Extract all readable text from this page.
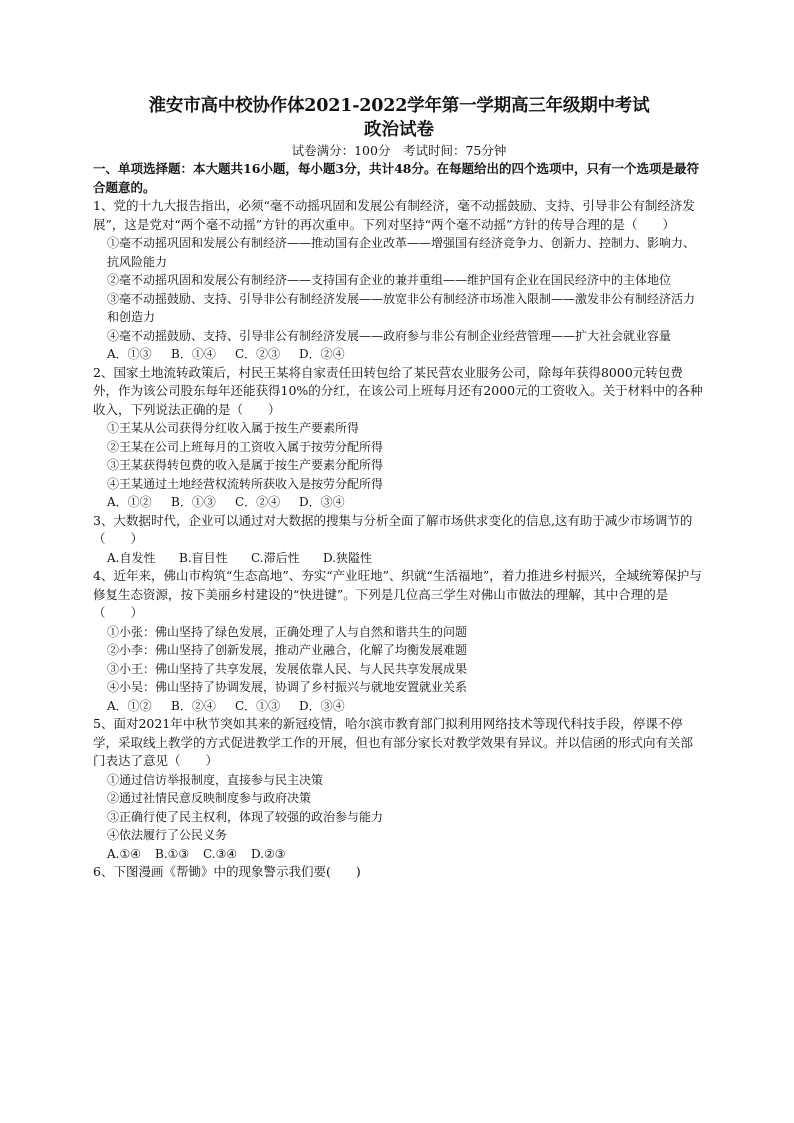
淮安市高中校协作体2021-2022学年第一学期高三年级期中考试
政治试卷
试卷满分：100分　考试时间：75分钟
一、单项选择题：本大题共16小题，每小题3分，共计48分。在每题给出的四个选项中，只有一个选项是最符合题意的。
1、党的十九大报告指出，必须“毫不动摇巩固和发展公有制经济，毫不动摇鼓励、支持、引导非公有制经济发展”，这是党对“两个毫不动摇”方针的再次重申。下列对坚持“两个毫不动摇”方针的传导合理的是（　　）
①毫不动摇巩固和发展公有制经济——推动国有企业改革——增强国有经济竞争力、创新力、控制力、影响力、抗风险能力
②毫不动摇巩固和发展公有制经济——支持国有企业的兼并重组——维护国有企业在国民经济中的主体地位
③毫不动摇鼓励、支持、引导非公有制经济发展——放宽非公有制经济市场准入限制——激发非公有制经济活力和创造力
④毫不动摇鼓励、支持、引导非公有制经济发展——政府参与非公有制企业经营管理——扩大社会就业容量
A．①③	B．①④	C．②③	D．②④
2、国家土地流转政策后，村民王某将自家责任田转包给了某民营农业服务公司，除每年获得8000元转包费外，作为该公司股东每年还能获得10%的分红，在该公司上班每月还有2000元的工资收入。关于材料中的各种收入，下列说法正确的是（　　）
①王某从公司获得分红收入属于按生产要素所得
②王某在公司上班每月的工资收入属于按劳分配所得
③王某获得转包费的收入是属于按生产要素分配所得
④王某通过土地经营权流转所获收入是按劳分配所得
A．①②	B．①③	C．②④	D．③④
3、大数据时代，企业可以通过对大数据的搜集与分析全面了解市场供求变化的信息,这有助于减少市场调节的（　　）
A.自发性	B.盲目性	C.滞后性	D.狭隘性
4、近年来，佛山市构筑“生态高地”、夯实“产业旺地”、织就“生活福地”，着力推进乡村振兴，全域统筹保护与修复生态资源，按下美丽乡村建设的“快进键”。下列是几位高三学生对佛山市做法的理解，其中合理的是（　　）
①小张：佛山坚持了绿色发展，正确处理了人与自然和谐共生的问题
②小李：佛山坚持了创新发展，推动产业融合，化解了均衡发展难题
③小王：佛山坚持了共享发展，发展依靠人民、与人民共享发展成果
④小吴：佛山坚持了协调发展，协调了乡村振兴与就地安置就业关系
A．①②	B．②④	C．①③	D．③④
5、面对2021年中秋节突如其来的新冠疫情，哈尔滨市教育部门拟利用网络技术等现代科技手段，停课不停学，采取线上教学的方式促进教学工作的开展，但也有部分家长对教学效果有异议。并以信函的形式向有关部门表达了意见（　　）
①通过信访举报制度，直接参与民主决策
②通过社情民意反映制度参与政府决策
③正确行使了民主权利，体现了较强的政治参与能力
④依法履行了公民义务
A.①④	B.①③	C.③④	D.②③
6、下图漫画《帮锄》中的现象警示我们要(　　)
